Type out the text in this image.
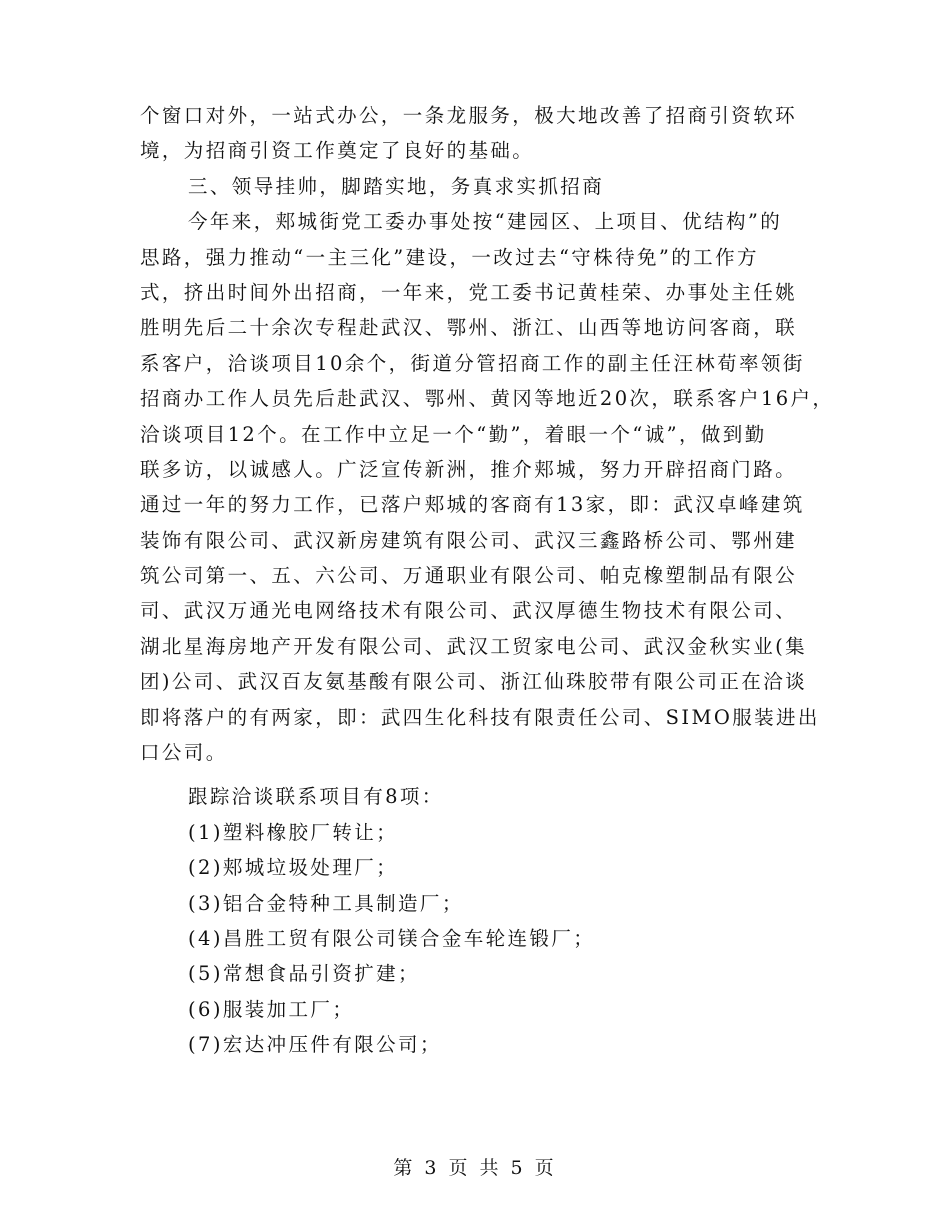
个窗口对外，一站式办公，一条龙服务，极大地改善了招商引资软环
境，为招商引资工作奠定了良好的基础。
三、领导挂帅，脚踏实地，务真求实抓招商
今年来，郏城街党工委办事处按“建园区、上项目、优结构”的
思路，强力推动“一主三化”建设，一改过去“守株待免”的工作方
式，挤出时间外出招商，一年来，党工委书记黄桂荣、办事处主任姚
胜明先后二十余次专程赴武汉、鄂州、浙江、山西等地访问客商，联
系客户，洽谈项目10余个，街道分管招商工作的副主任汪林荀率领街
招商办工作人员先后赴武汉、鄂州、黄冈等地近20次，联系客户16户，
洽谈项目12个。在工作中立足一个“勤”，着眼一个“诚”，做到勤
联多访，以诚感人。广泛宣传新洲，推介郏城，努力开辟招商门路。
通过一年的努力工作，已落户郏城的客商有13家，即：武汉卓峰建筑
装饰有限公司、武汉新房建筑有限公司、武汉三鑫路桥公司、鄂州建
筑公司第一、五、六公司、万通职业有限公司、帕克橡塑制品有限公
司、武汉万通光电网络技术有限公司、武汉厚德生物技术有限公司、
湖北星海房地产开发有限公司、武汉工贸家电公司、武汉金秋实业(集
团)公司、武汉百友氨基酸有限公司、浙江仙珠胶带有限公司正在洽谈
即将落户的有两家，即：武四生化科技有限责任公司、SIMO服装进出
口公司。
跟踪洽谈联系项目有8项：
(1)塑料橡胶厂转让；
(2)郏城垃圾处理厂；
(3)铝合金特种工具制造厂；
(4)昌胜工贸有限公司镁合金车轮连锻厂；
(5)常想食品引资扩建；
(6)服装加工厂；
(7)宏达冲压件有限公司；
第 3 页 共 5 页
